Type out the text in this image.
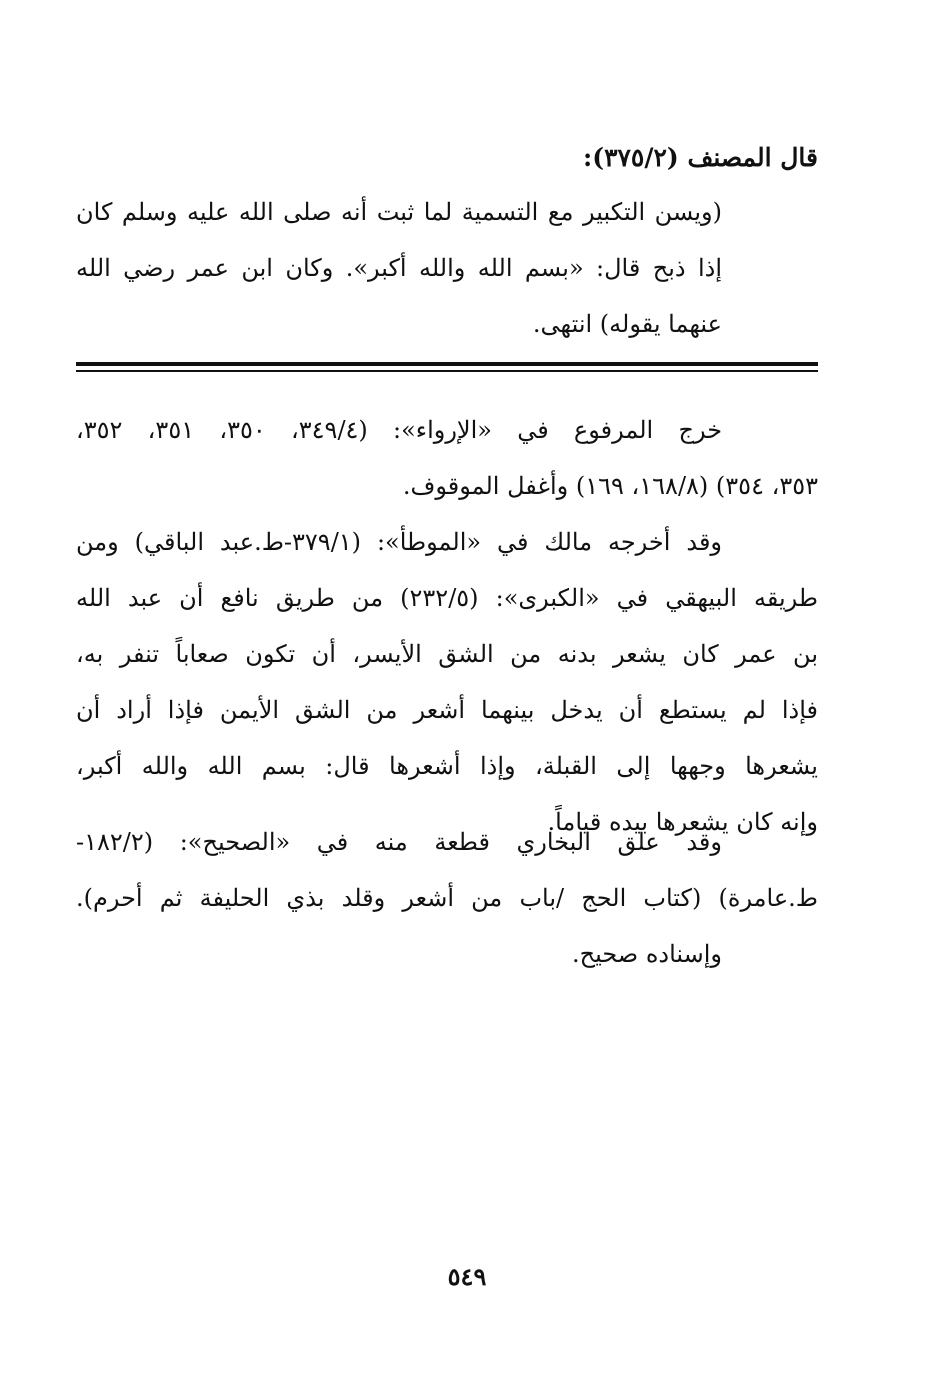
قال المصنف (٣٧٥/٢):
(ويسن التكبير مع التسمية لما ثبت أنه صلى الله عليه وسلم كان
إذا ذبح قال: «بسم الله والله أكبر». وكان ابن عمر رضي الله
عنهما يقوله) انتهى.
خرج المرفوع في «الإرواء»: (٣٤٩/٤، ٣٥٠، ٣٥١، ٣٥٢،
٣٥٣، ٣٥٤) (١٦٨/٨، ١٦٩) وأغفل الموقوف.
وقد أخرجه مالك في «الموطأ»: (٣٧٩/١-ط.عبد الباقي) ومن
طريقه البيهقي في «الكبرى»: (٢٣٢/٥) من طريق نافع أن عبد الله
بن عمر كان يشعر بدنه من الشق الأيسر، أن تكون صعاباً تنفر به،
فإذا لم يستطع أن يدخل بينهما أشعر من الشق الأيمن فإذا أراد أن
يشعرها وجهها إلى القبلة، وإذا أشعرها قال: بسم الله والله أكبر،
وإنه كان يشعرها بيده قياماً.
وقد علق البخاري قطعة منه في «الصحيح»: (١٨٢/٢-
ط.عامرة) (كتاب الحج /باب من أشعر وقلد بذي الحليفة ثم أحرم).
وإسناده صحيح.
٥٤٩
